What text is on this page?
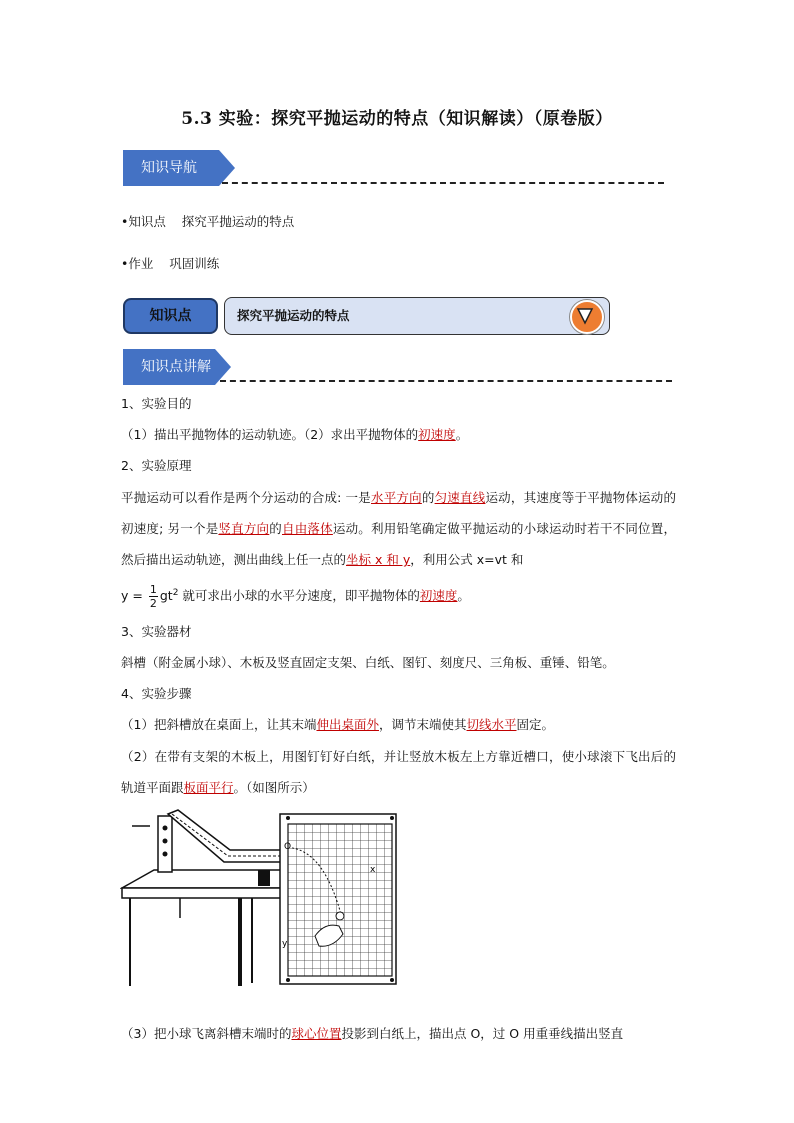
5.3 实验：探究平抛运动的特点（知识解读）（原卷版）
知识导航
•知识点    探究平抛运动的特点
•作业    巩固训练
知识点	探究平抛运动的特点
知识点讲解
1、实验目的
（1）描出平抛物体的运动轨迹。（2）求出平抛物体的初速度。
2、实验原理
平抛运动可以看作是两个分运动的合成: 一是水平方向的匀速直线运动，其速度等于平抛物体运动的初速度; 另一个是竖直方向的自由落体运动。利用铅笔确定做平抛运动的小球运动时若干不同位置，然后描出运动轨迹，测出曲线上任一点的坐标 x 和 y，利用公式 x=vt 和
$y = \frac{1}{2} gt^2$ 就可求出小球的水平分速度，即平抛物体的初速度。
3、实验器材
斜槽（附金属小球）、木板及竖直固定支架、白纸、图钉、刻度尺、三角板、重锤、铅笔。
4、实验步骤
（1）把斜槽放在桌面上，让其末端伸出桌面外，调节末端使其切线水平固定。
（2）在带有支架的木板上，用图钉钉好白纸，并让竖放木板左上方靠近槽口，使小球滚下飞出后的轨道平面跟板面平行。（如图所示）
O
x
y
（3）把小球飞离斜槽末端时的球心位置投影到白纸上，描出点 O，过 O 用重垂线描出竖直
